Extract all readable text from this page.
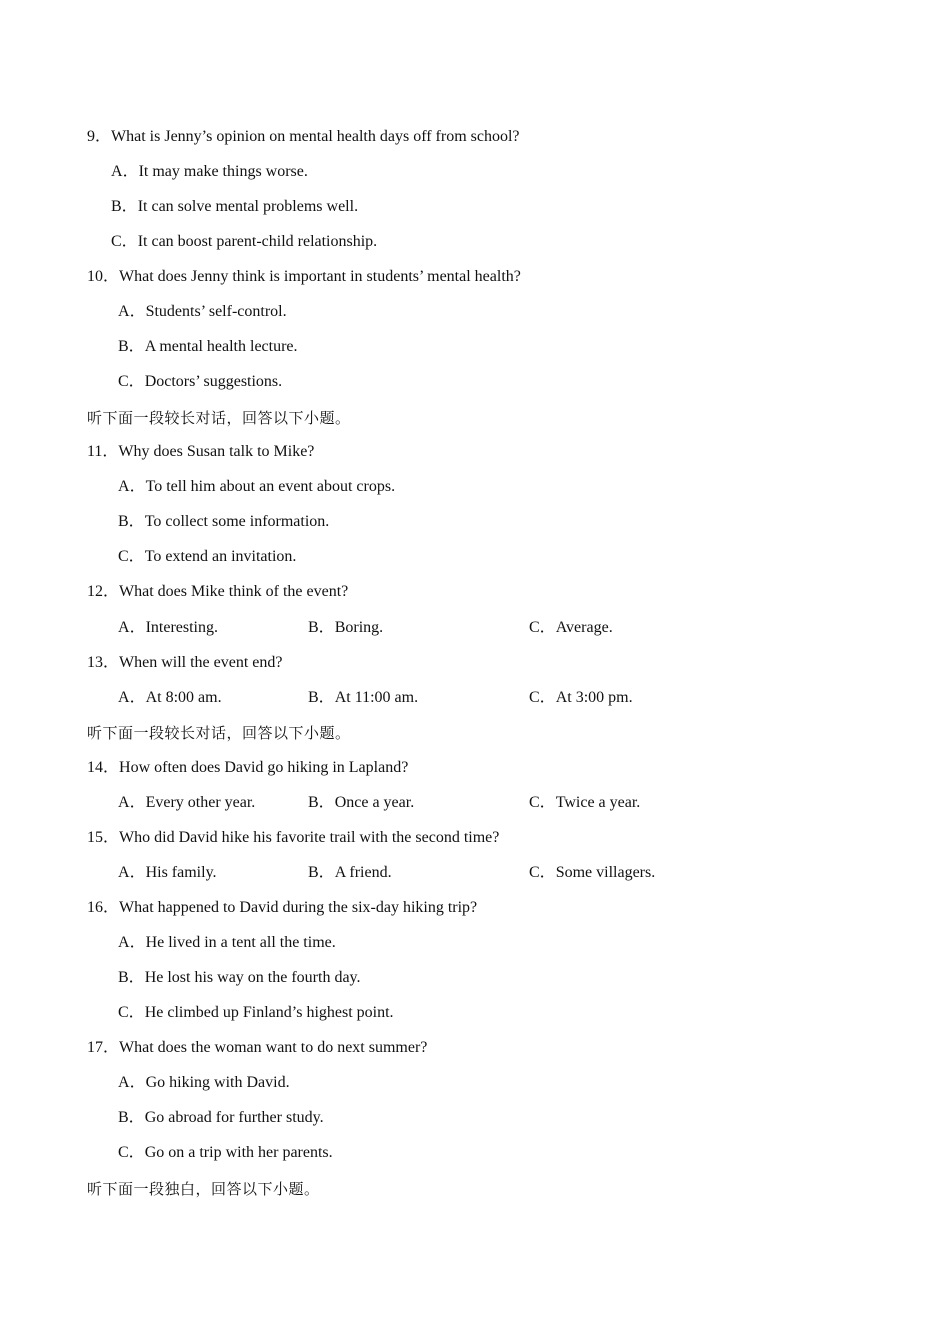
9．What is Jenny’s opinion on mental health days off from school?
A．It may make things worse.
B．It can solve mental problems well.
C．It can boost parent-child relationship.
10．What does Jenny think is important in students’ mental health?
A．Students’ self-control.
B．A mental health lecture.
C．Doctors’ suggestions.
听下面一段较长对话，回答以下小题。
11．Why does Susan talk to Mike?
A．To tell him about an event about crops.
B．To collect some information.
C．To extend an invitation.
12．What does Mike think of the event?
A．Interesting.	B．Boring.	C．Average.
13．When will the event end?
A．At 8:00 am.	B．At 11:00 am.	C．At 3:00 pm.
听下面一段较长对话，回答以下小题。
14．How often does David go hiking in Lapland?
A．Every other year.	B．Once a year.	C．Twice a year.
15．Who did David hike his favorite trail with the second time?
A．His family.	B．A friend.	C．Some villagers.
16．What happened to David during the six-day hiking trip?
A．He lived in a tent all the time.
B．He lost his way on the fourth day.
C．He climbed up Finland’s highest point.
17．What does the woman want to do next summer?
A．Go hiking with David.
B．Go abroad for further study.
C．Go on a trip with her parents.
听下面一段独白，回答以下小题。
